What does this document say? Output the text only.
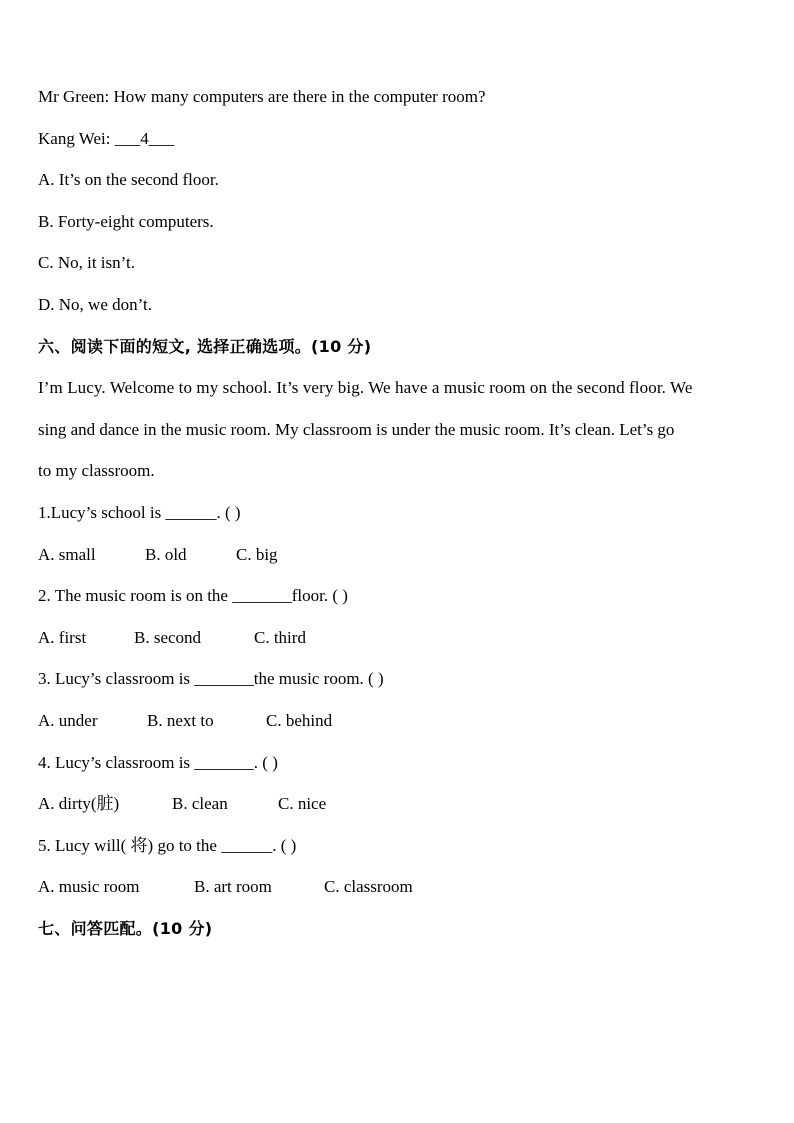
Mr Green: How many computers are there in the computer room?
Kang Wei: ___4___
A. It’s on the second floor.
B. Forty-eight computers.
C. No, it isn’t.
D. No, we don’t.
六、阅读下面的短文, 选择正确选项。(10 分)
I’m Lucy. Welcome to my school. It’s very big. We have a music room on the second floor. We
sing and dance in the music room. My classroom is under the music room. It’s clean. Let’s go
to my classroom.
1.Lucy’s school is ______. ( )
A. small	B. old	C. big
2. The music room is on the _______floor. ( )
A. first	B. second	C. third
3. Lucy’s classroom is _______the music room. ( )
A. under	B. next to	C. behind
4. Lucy’s classroom is _______. ( )
A. dirty(脏)	B. clean	C. nice
5. Lucy will( 将) go to the ______. ( )
A. music room	B. art room	C. classroom
七、问答匹配。(10 分)
